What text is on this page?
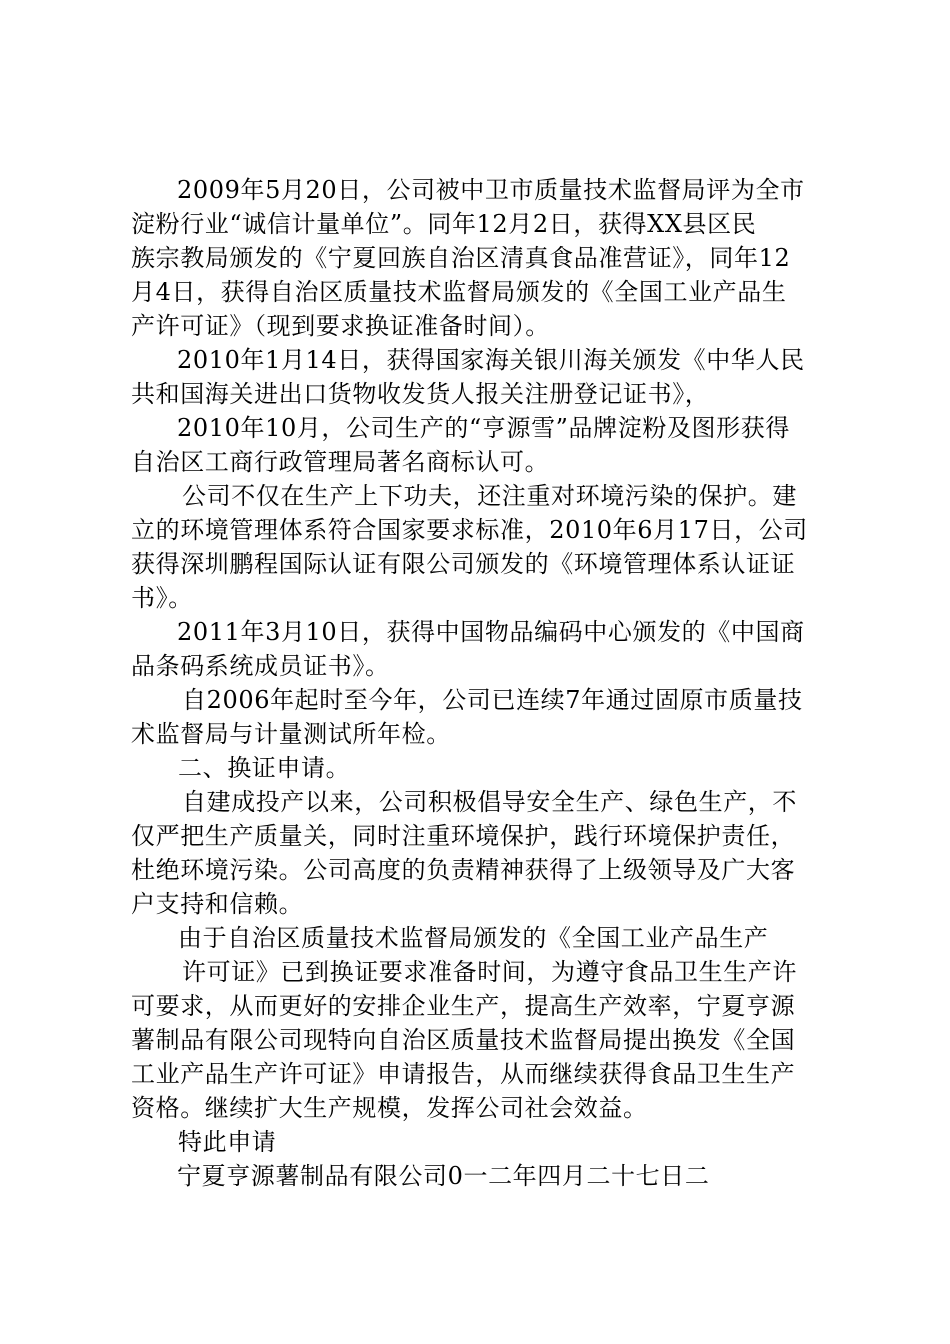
2009年5月20日，公司被中卫市质量技术监督局评为全市
淀粉行业“诚信计量单位”。同年12月2日，获得XX县区民
族宗教局颁发的《宁夏回族自治区清真食品准营证》，同年12
月4日，获得自治区质量技术监督局颁发的《全国工业产品生
产许可证》（现到要求换证准备时间）。
2010年1月14日，获得国家海关银川海关颁发《中华人民
共和国海关进出口货物收发货人报关注册登记证书》，
2010年10月，公司生产的“亨源雪”品牌淀粉及图形获得
自治区工商行政管理局著名商标认可。
公司不仅在生产上下功夫，还注重对环境污染的保护。建
立的环境管理体系符合国家要求标准，2010年6月17日，公司
获得深圳鹏程国际认证有限公司颁发的《环境管理体系认证证
书》。
2011年3月10日，获得中国物品编码中心颁发的《中国商
品条码系统成员证书》。
自2006年起时至今年，公司已连续7年通过固原市质量技
术监督局与计量测试所年检。
二、换证申请。
自建成投产以来，公司积极倡导安全生产、绿色生产，不
仅严把生产质量关，同时注重环境保护，践行环境保护责任，
杜绝环境污染。公司高度的负责精神获得了上级领导及广大客
户支持和信赖。
由于自治区质量技术监督局颁发的《全国工业产品生产
许可证》已到换证要求准备时间，为遵守食品卫生生产许
可要求，从而更好的安排企业生产，提高生产效率，宁夏亨源
薯制品有限公司现特向自治区质量技术监督局提出换发《全国
工业产品生产许可证》申请报告，从而继续获得食品卫生生产
资格。继续扩大生产规模，发挥公司社会效益。
特此申请
宁夏亨源薯制品有限公司0一二年四月二十七日二
